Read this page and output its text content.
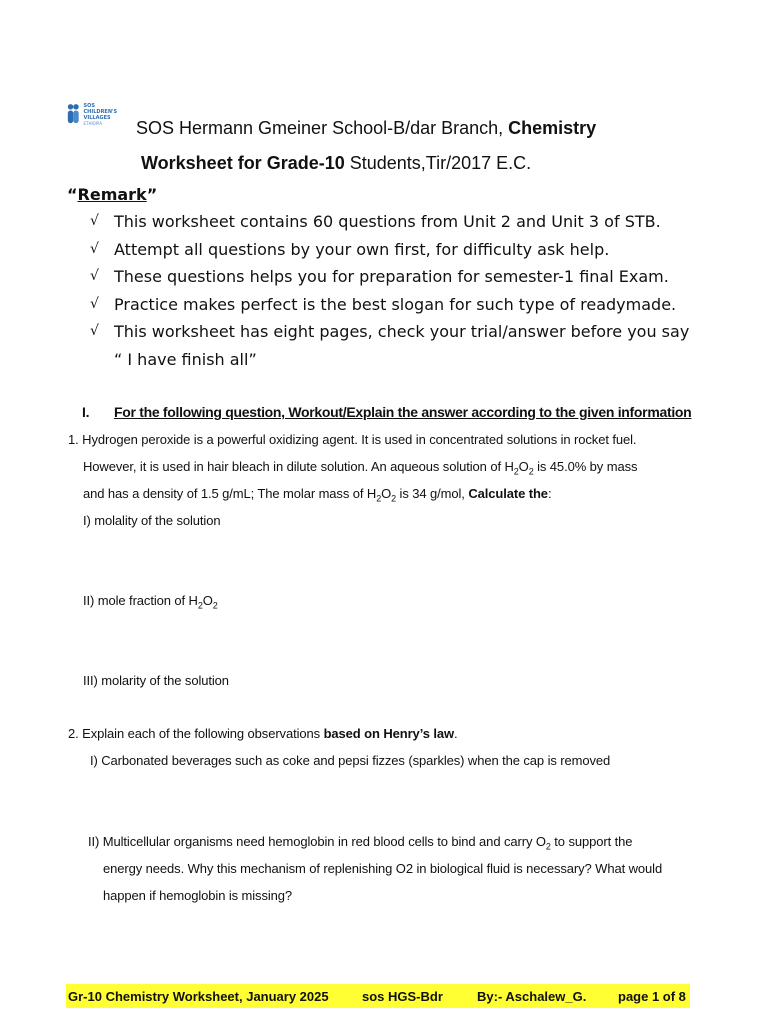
SOS CHILDREN'S
VILLAGES
ETHIOPIA	SOS Hermann Gmeiner School-B/dar Branch, Chemistry
Worksheet for Grade-10 Students,Tir/2017 E.C.
“Remark”
√ This worksheet contains 60 questions from Unit 2 and Unit 3 of STB.
√ Attempt all questions by your own first, for difficulty ask help.
√ These questions helps you for preparation for semester-1 final Exam.
√ Practice makes perfect is the best slogan for such type of readymade.
√ This worksheet has eight pages, check your trial/answer before you say
“ I have finish all”
I. For the following question, Workout/Explain the answer according to the given information
1. Hydrogen peroxide is a powerful oxidizing agent. It is used in concentrated solutions in rocket fuel.
However, it is used in hair bleach in dilute solution. An aqueous solution of $H_2O_2$ is 45.0% by mass
and has a density of 1.5 g/mL; The molar mass of $H_2O_2$ is 34 g/mol, Calculate the:
I) molality of the solution
II) mole fraction of $H_2O_2$
III) molarity of the solution
2. Explain each of the following observations based on Henry’s law.
I) Carbonated beverages such as coke and pepsi fizzes (sparkles) when the cap is removed
II) Multicellular organisms need hemoglobin in red blood cells to bind and carry $O_2$ to support the
energy needs. Why this mechanism of replenishing O2 in biological fluid is necessary? What would
happen if hemoglobin is missing?
Gr-10 Chemistry Worksheet, January 2025	sos HGS-Bdr	By:- Aschalew_G. page 1 of 8
